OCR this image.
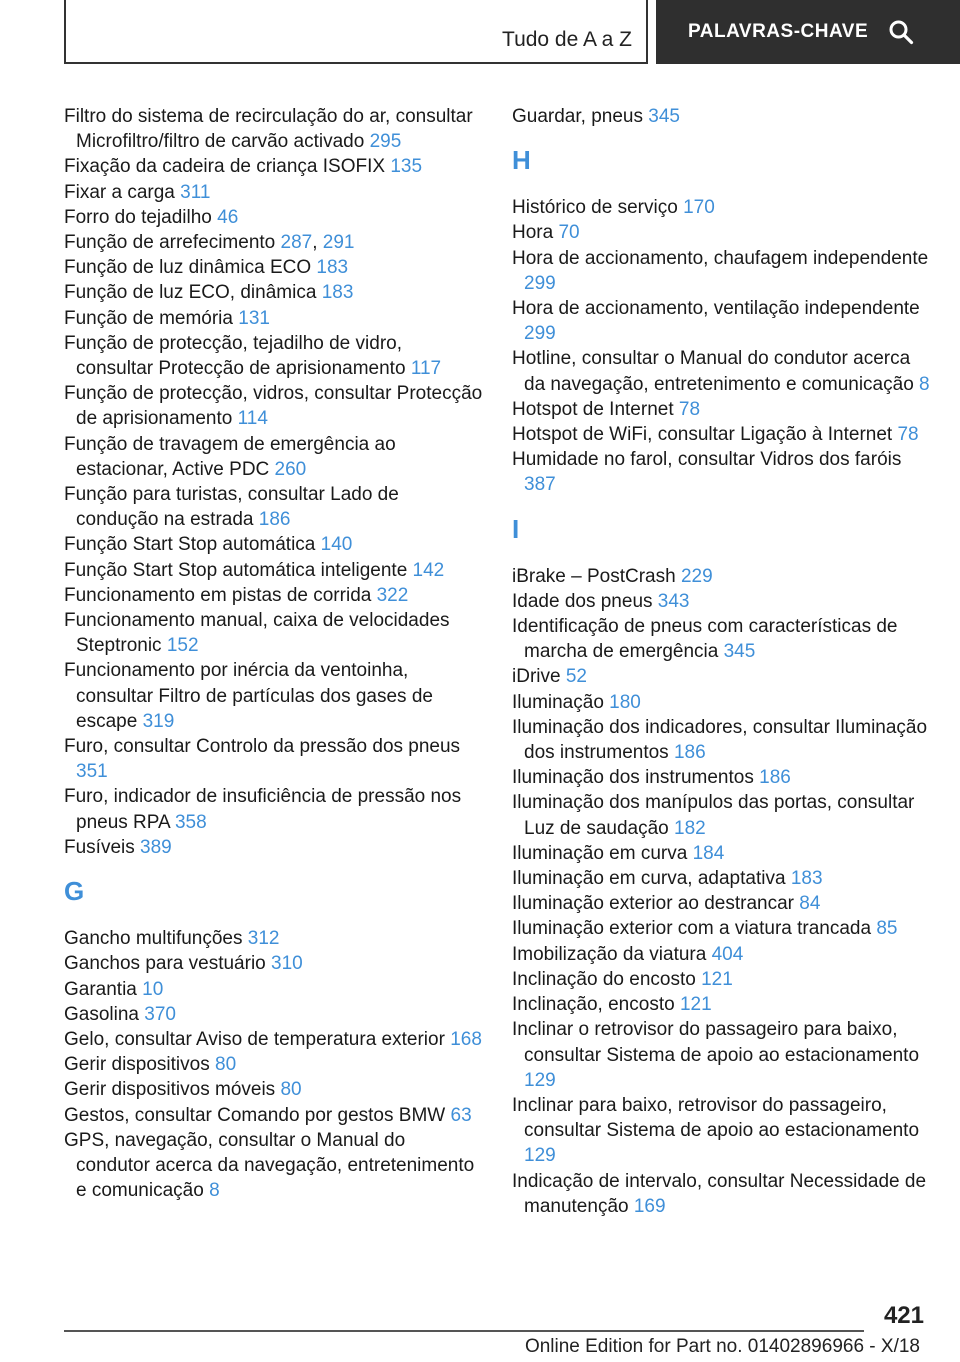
Tudo de A a Z	PALAVRAS-CHAVE

Filtro do sistema de recirculação do ar, consultar Microfiltro/filtro de carvão activado 295

Fixação da cadeira de criança ISOFIX 135

Fixar a carga 311

Forro do tejadilho 46

Função de arrefecimento 287, 291

Função de luz dinâmica ECO 183

Função de luz ECO, dinâmica 183

Função de memória 131

Função de protecção, tejadilho de vidro, consultar Protecção de aprisionamento 117

Função de protecção, vidros, consultar Protecção de aprisionamento 114

Função de travagem de emergência ao estacionar, Active PDC 260

Função para turistas, consultar Lado de condução na estrada 186

Função Start Stop automática 140

Função Start Stop automática inteligente 142

Funcionamento em pistas de corrida 322

Funcionamento manual, caixa de velocidades Steptronic 152

Funcionamento por inércia da ventoinha, consultar Filtro de partículas dos gases de escape 319

Furo, consultar Controlo da pressão dos pneus 351

Furo, indicador de insuficiência de pressão nos pneus RPA 358

Fusíveis 389

G

Gancho multifunções 312

Ganchos para vestuário 310

Garantia 10

Gasolina 370

Gelo, consultar Aviso de temperatura exterior 168

Gerir dispositivos 80

Gerir dispositivos móveis 80

Gestos, consultar Comando por gestos BMW 63

GPS, navegação, consultar o Manual do condutor acerca da navegação, entretenimento e comunicação 8

Guardar, pneus 345

H

Histórico de serviço 170

Hora 70

Hora de accionamento, chaufagem independente 299

Hora de accionamento, ventilação independente 299

Hotline, consultar o Manual do condutor acerca da navegação, entretenimento e comunicação 8

Hotspot de Internet 78

Hotspot de WiFi, consultar Ligação à Internet 78

Humidade no farol, consultar Vidros dos faróis 387

I

iBrake – PostCrash 229

Idade dos pneus 343

Identificação de pneus com características de marcha de emergência 345

iDrive 52

Iluminação 180

Iluminação dos indicadores, consultar Iluminação dos instrumentos 186

Iluminação dos instrumentos 186

Iluminação dos manípulos das portas, consultar Luz de saudação 182

Iluminação em curva 184

Iluminação em curva, adaptativa 183

Iluminação exterior ao destrancar 84

Iluminação exterior com a viatura trancada 85

Imobilização da viatura 404

Inclinação do encosto 121

Inclinação, encosto 121

Inclinar o retrovisor do passageiro para baixo, consultar Sistema de apoio ao estacionamento 129

Inclinar para baixo, retrovisor do passageiro, consultar Sistema de apoio ao estacionamento 129

Indicação de intervalo, consultar Necessidade de manutenção 169

421
Online Edition for Part no. 01402896966 - X/18
